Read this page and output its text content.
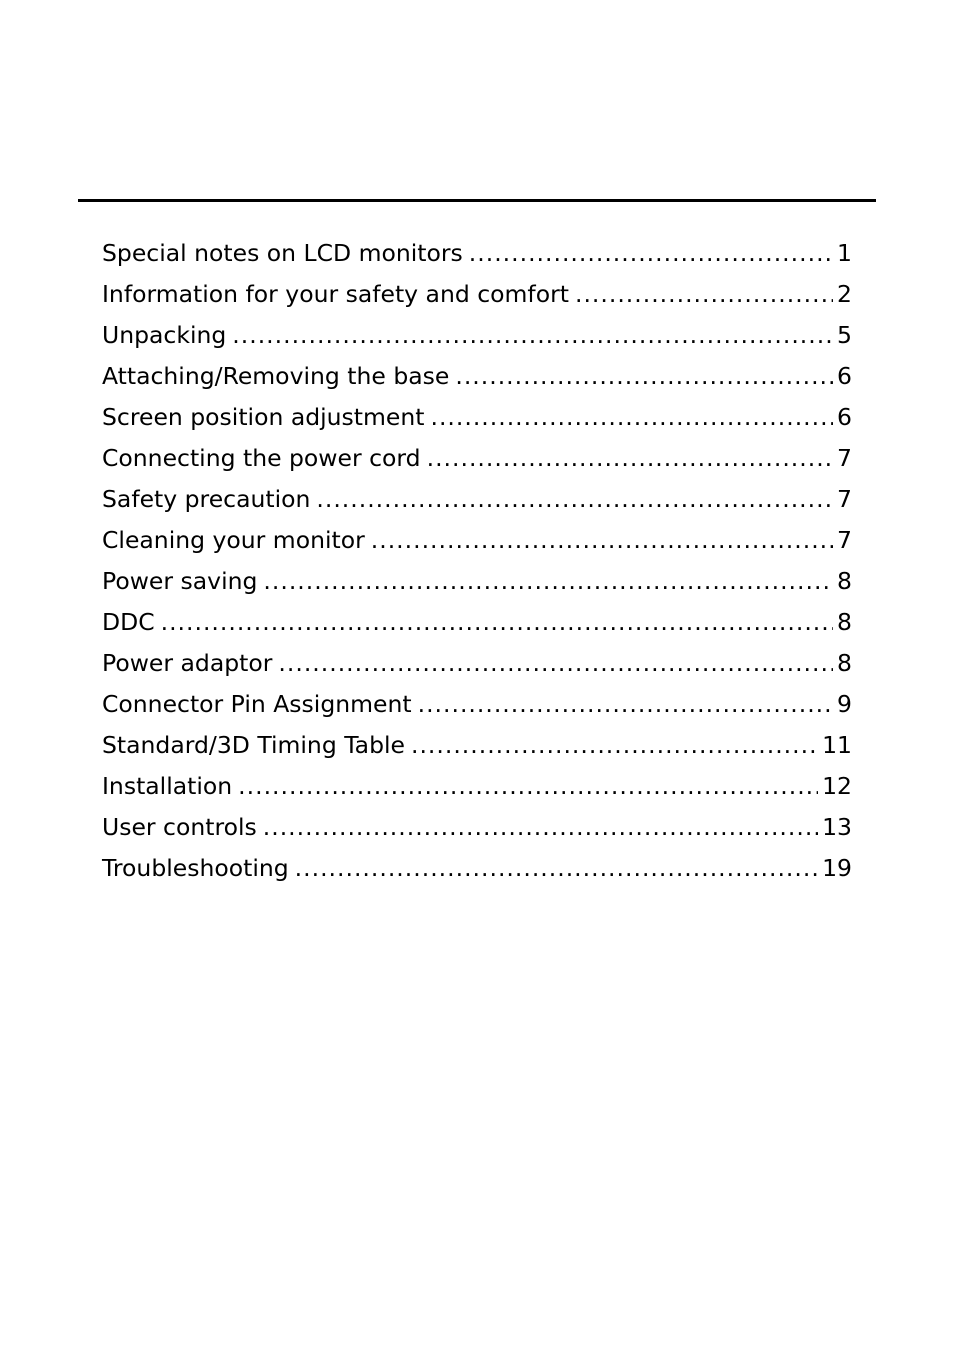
Special notes on LCD monitors .....	1
Information for your safety and comfort .....	2
Unpacking .....	5
Attaching/Removing the base .....	6
Screen position adjustment .....	6
Connecting the power cord .....	7
Safety precaution .....	7
Cleaning your monitor .....	7
Power saving .....	8
DDC .....	8
Power adaptor .....	8
Connector Pin Assignment .....	9
Standard/3D Timing Table .....	11
Installation .....	12
User controls .....	13
Troubleshooting .....	19
